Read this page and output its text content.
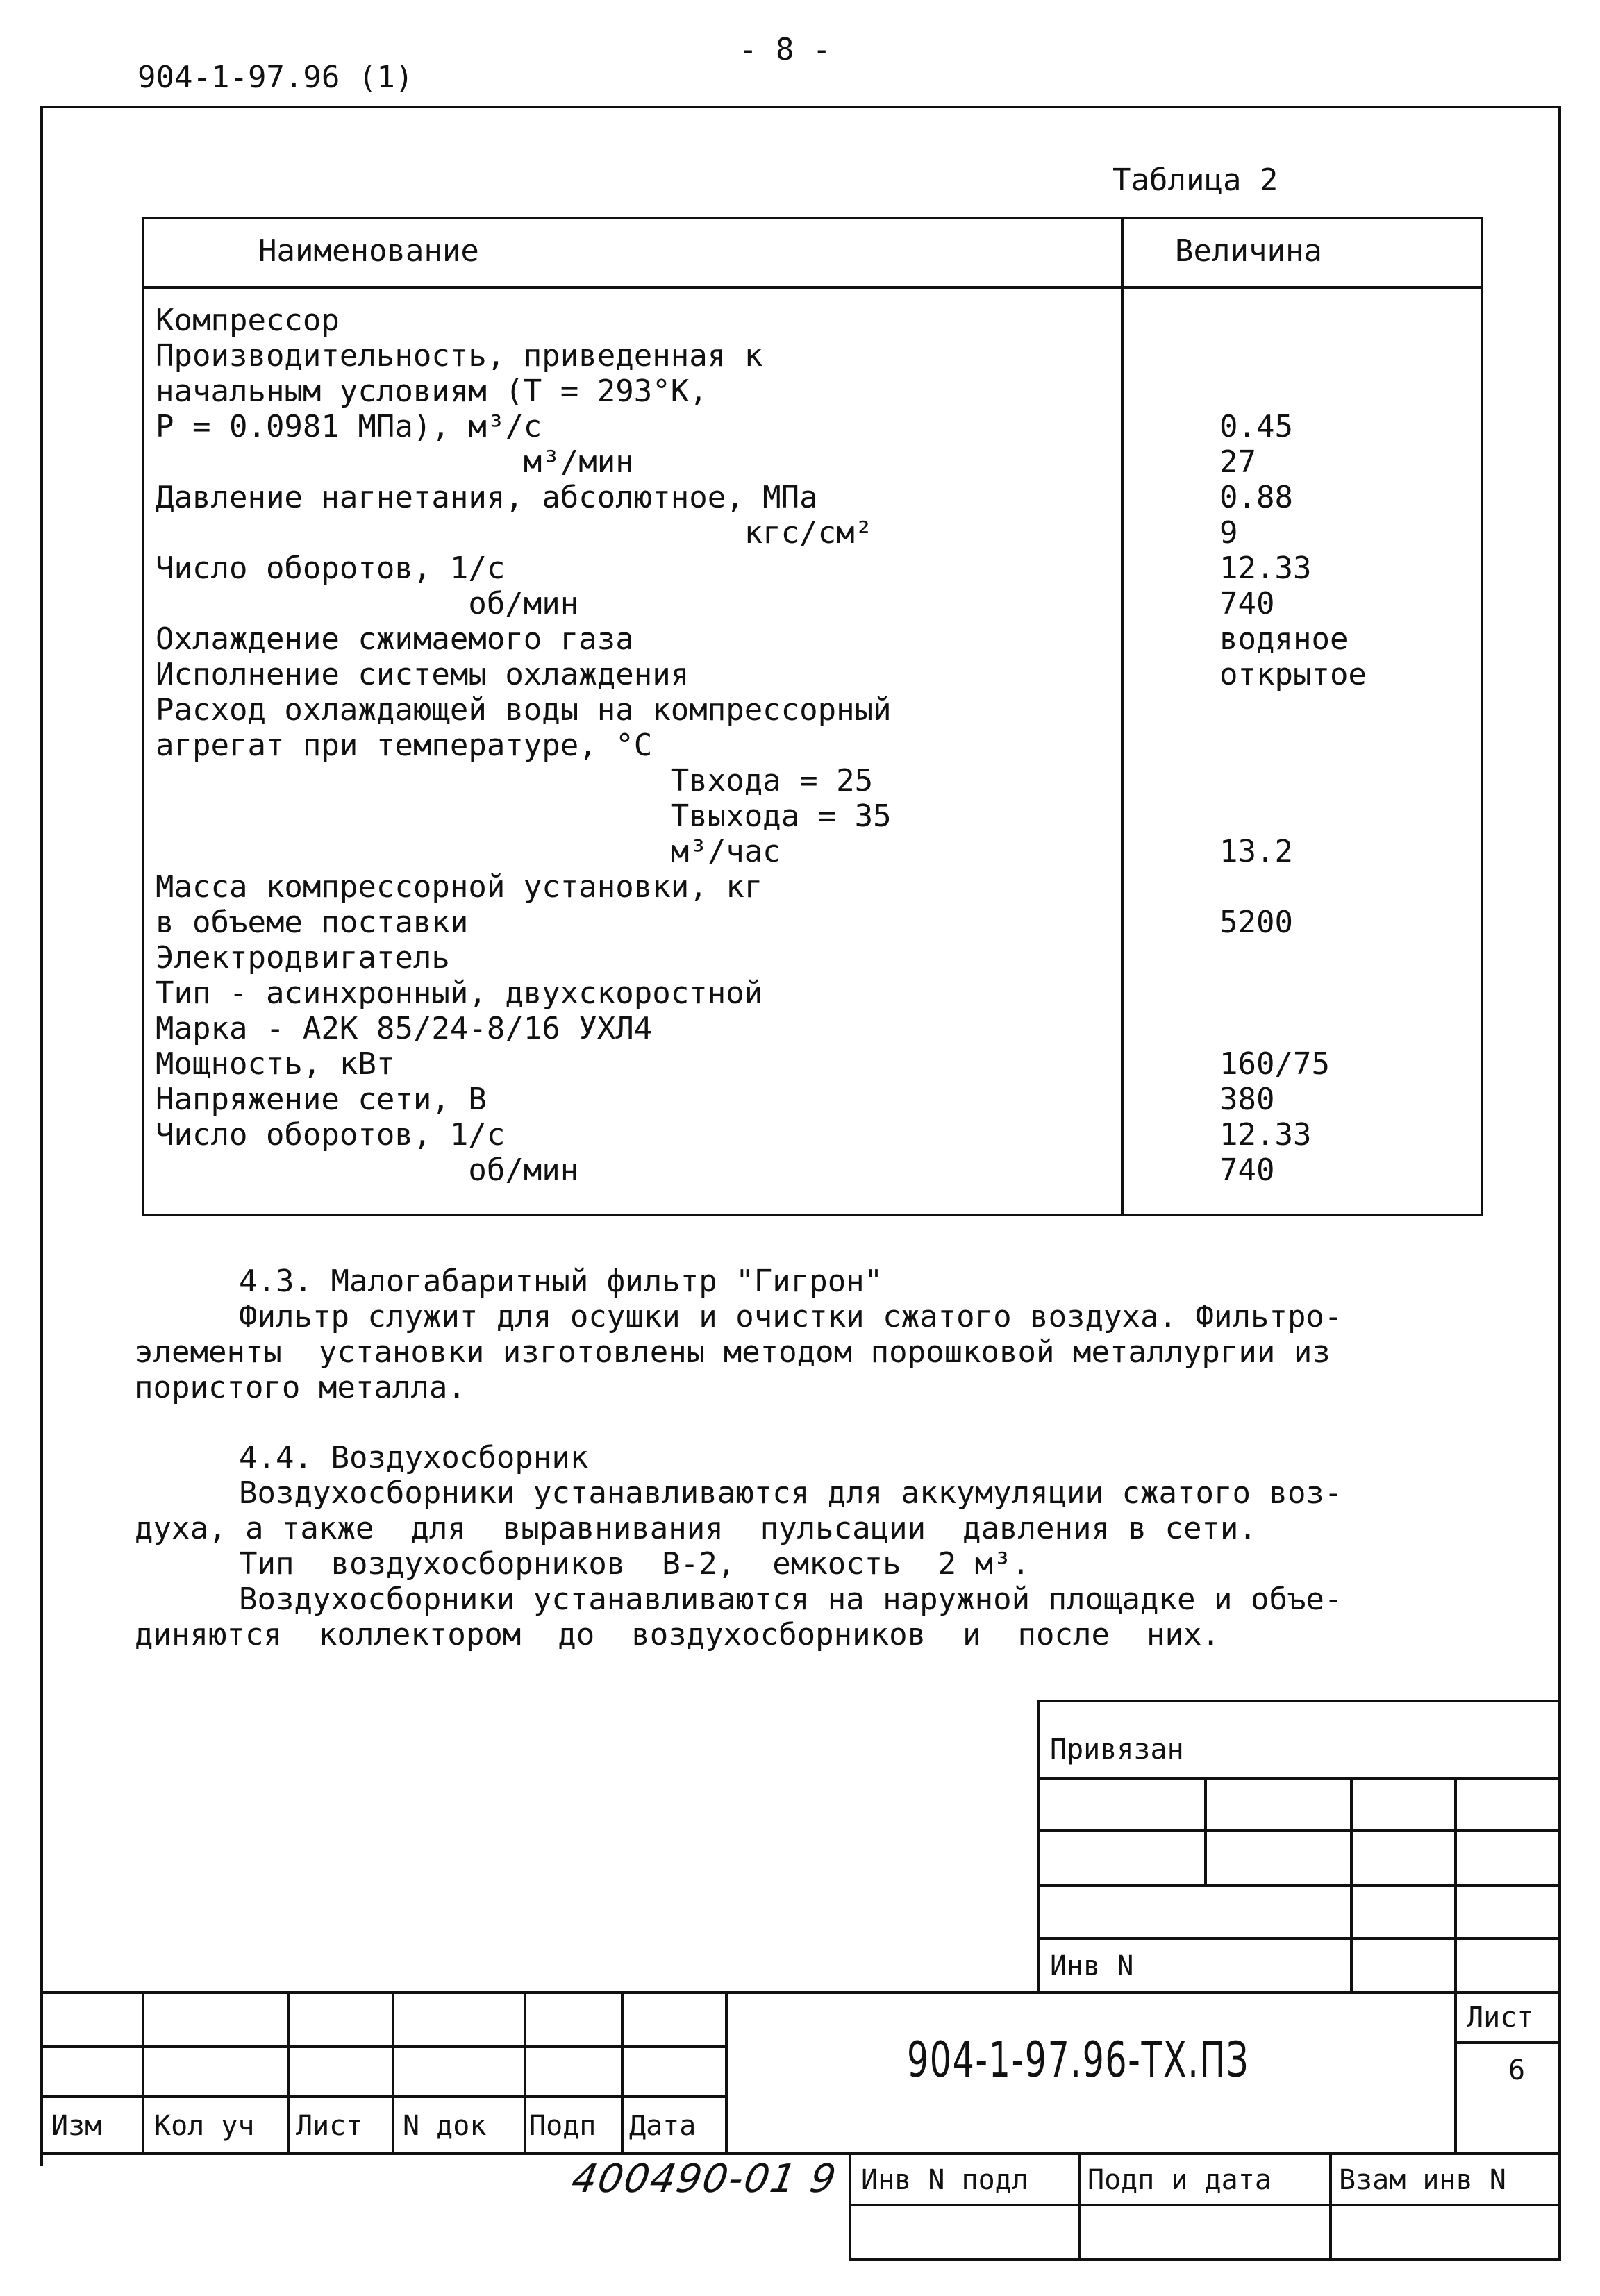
- 8 -
904-1-97.96 (1)
Таблица 2
Наименование	Величина
Компрессор
Производительность, приведенная к
начальным условиям (T = 293°K,
P = 0.0981 МПа), м³/с	0.45
м³/мин	27
Давление нагнетания, абсолютное, МПа	0.88
кгс/см²	9
Число оборотов, 1/с	12.33
об/мин	740
Охлаждение сжимаемого газа	водяное
Исполнение системы охлаждения	открытое
Расход охлаждающей воды на компрессорный
агрегат при температуре, °C
Твхода = 25
Твыхода = 35
м³/час	13.2
Масса компрессорной установки, кг
в объеме поставки	5200
Электродвигатель
Тип - асинхронный, двухскоростной
Марка - А2К 85/24-8/16 УХЛ4
Мощность, кВт	160/75
Напряжение сети, В	380
Число оборотов, 1/с	12.33
об/мин	740
4.3. Малогабаритный фильтр "Гигрон"
Фильтр служит для осушки и очистки сжатого воздуха. Фильтро-
элементы  установки изготовлены методом порошковой металлургии из
пористого металла.
4.4. Воздухосборник
Воздухосборники устанавливаются для аккумуляции сжатого воз-
духа, а также  для  выравнивания  пульсации  давления в сети.
Тип  воздухосборников  В-2,  емкость  2 м³.
Воздухосборники устанавливаются на наружной площадке и объе-
диняются  коллектором  до  воздухосборников  и  после  них.
Привязан
Инв N
Изм Кол уч Лист N док Подп Дата
904-1-97.96-ТХ.ПЗ
Лист
6
400490-01 9 Инв N подл Подп и дата Взам инв N
